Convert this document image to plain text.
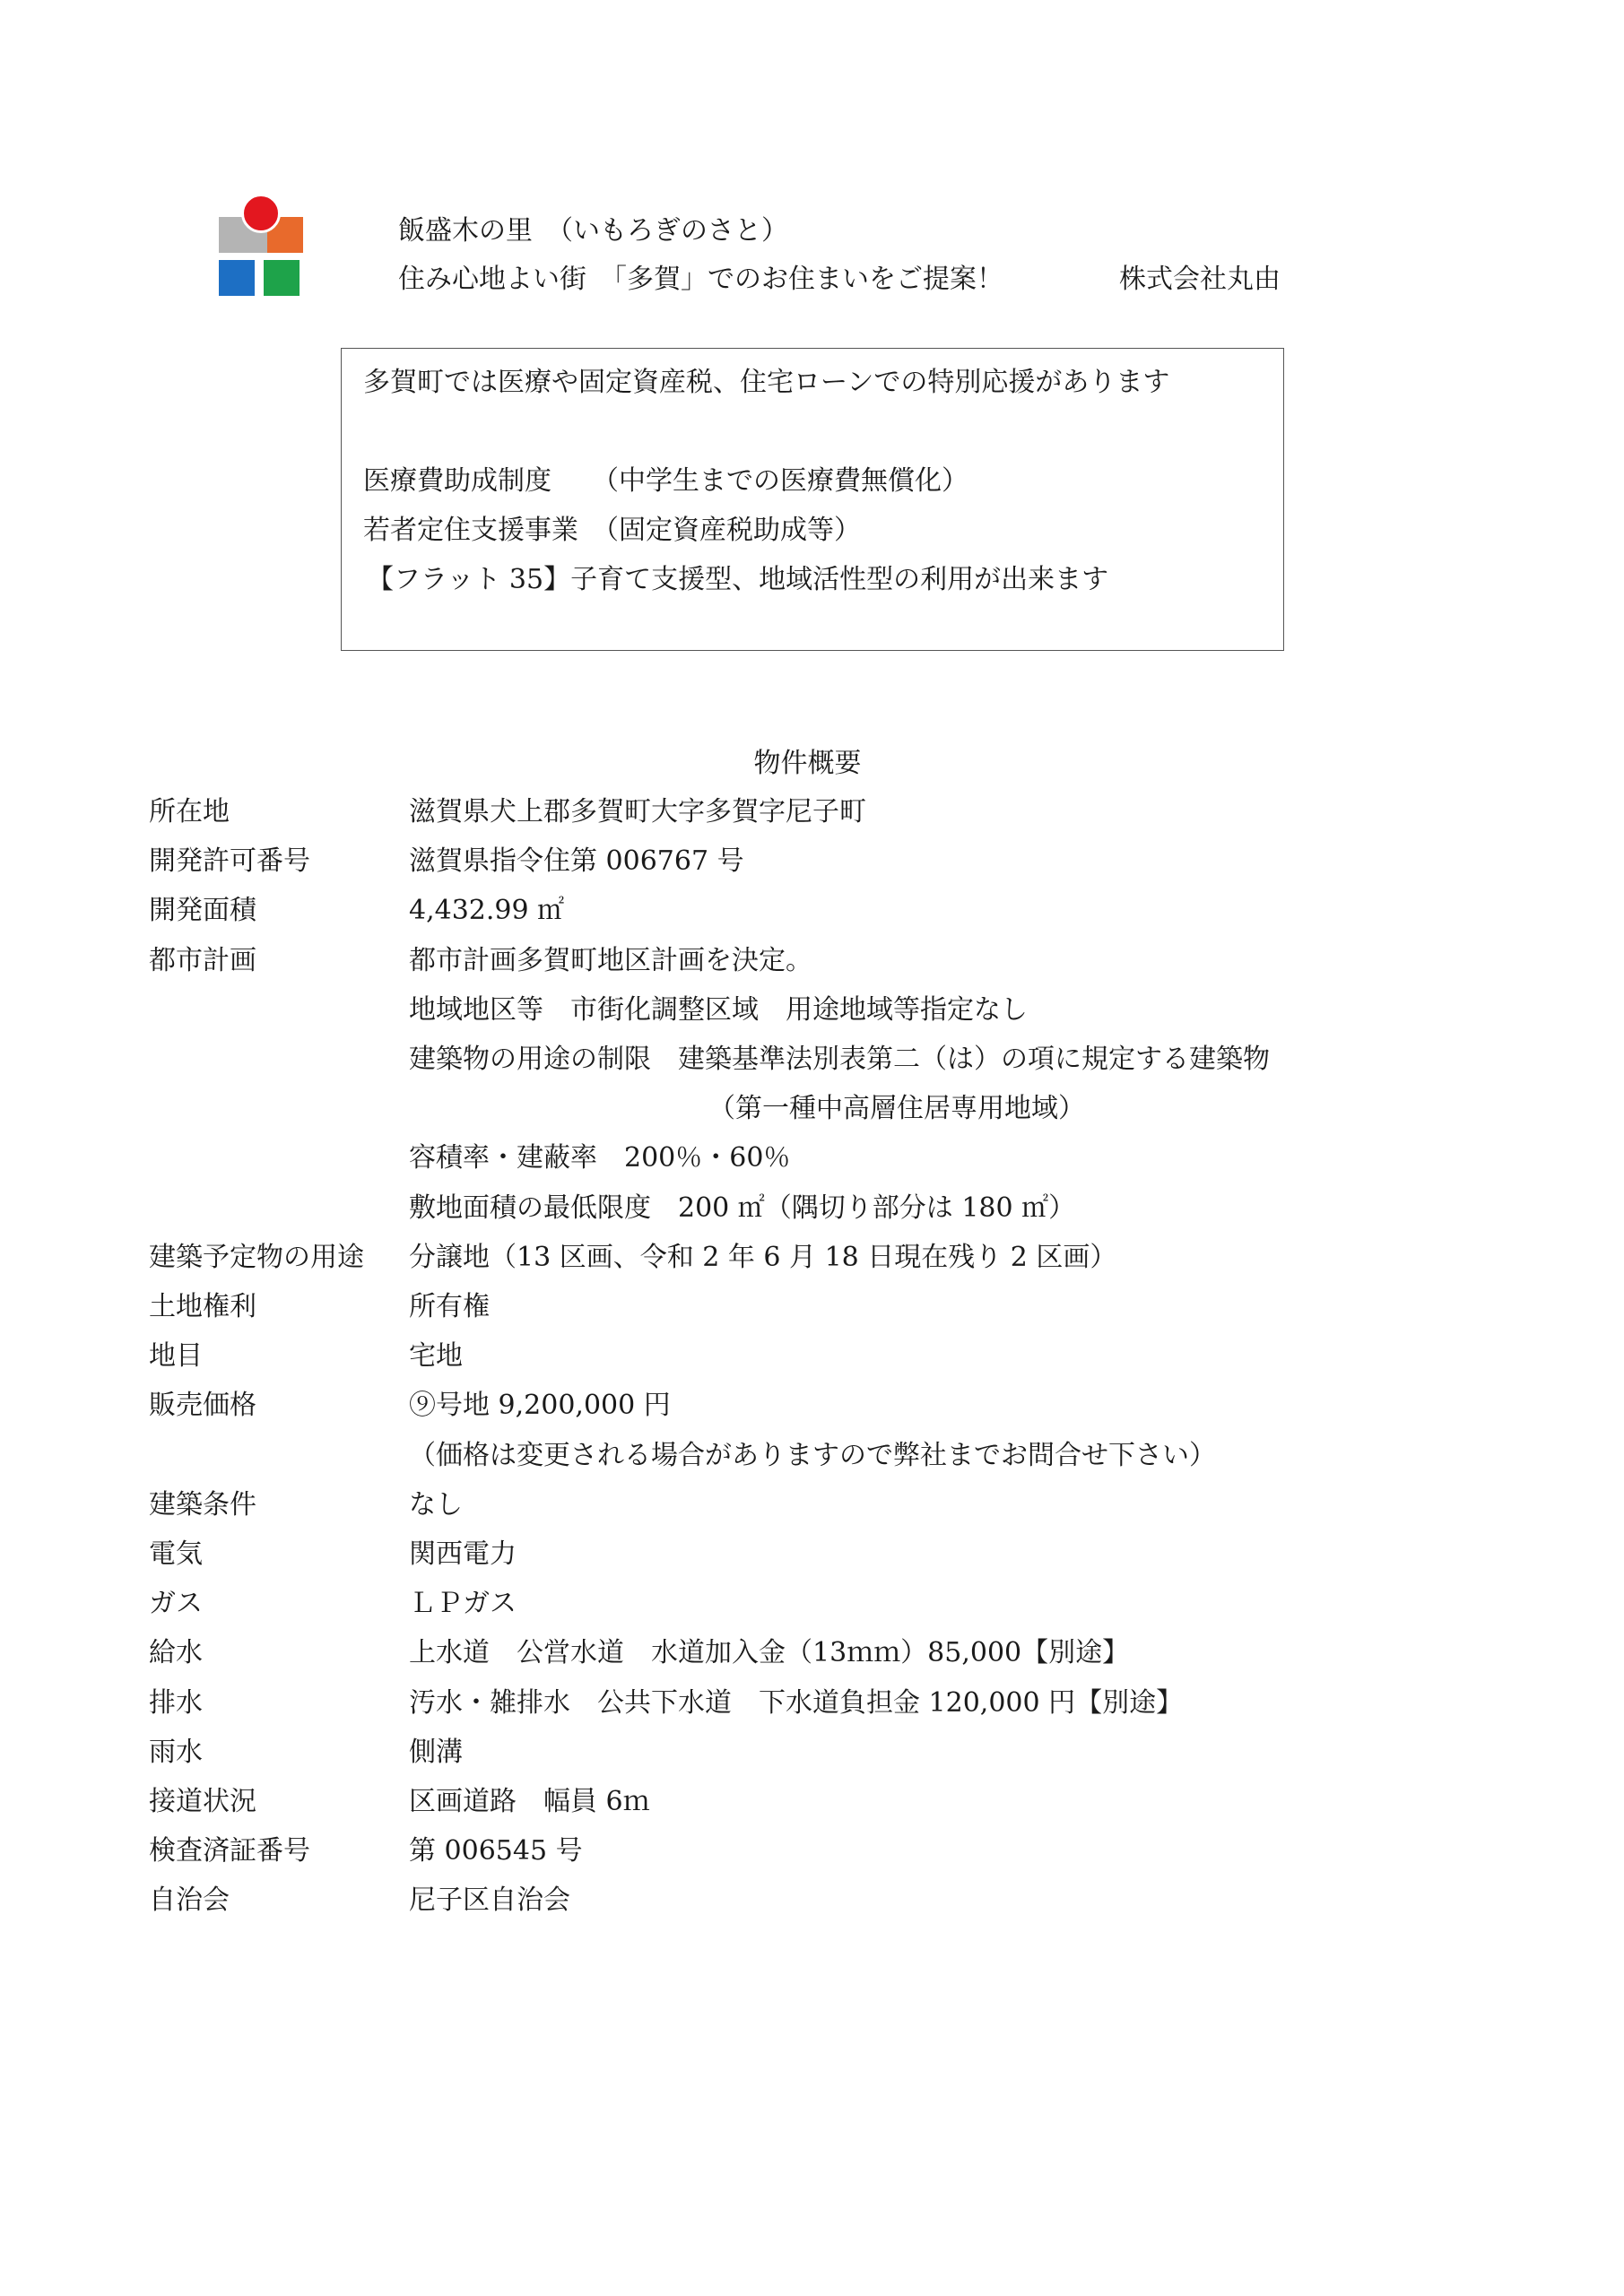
飯盛木の里　（いもろぎのさと）
住み心地よい街　「多賀」でのお住まいをご提案！	株式会社丸由
多賀町では医療や固定資産税、住宅ローンでの特別応援があります
医療費助成制度　　（中学生までの医療費無償化）
若者定住支援事業　（固定資産税助成等）
【フラット 35】子育て支援型、地域活性型の利用が出来ます
物件概要
所在地	滋賀県犬上郡多賀町大字多賀字尼子町
開発許可番号	滋賀県指令住第 006767 号
開発面積	4,432.99 ㎡
都市計画	都市計画多賀町地区計画を決定。
地域地区等　市街化調整区域　用途地域等指定なし
建築物の用途の制限　建築基準法別表第二（は）の項に規定する建築物
（第一種中高層住居専用地域）
容積率・建蔽率　200％・60％
敷地面積の最低限度　200 ㎡（隅切り部分は 180 ㎡）
建築予定物の用途 分譲地（13 区画、令和 2 年 6 月 18 日現在残り 2 区画）
土地権利	所有権
地目	宅地
販売価格	⑨号地 9,200,000 円
（価格は変更される場合がありますので弊社までお問合せ下さい）
建築条件	なし
電気	関西電力
ガス	ＬＰガス
給水	上水道　公営水道　水道加入金（13ｍｍ）85,000【別途】
排水	汚水・雑排水　公共下水道　下水道負担金 120,000 円【別途】
雨水	側溝
接道状況	区画道路　幅員 6ｍ
検査済証番号	第 006545 号
自治会	尼子区自治会
